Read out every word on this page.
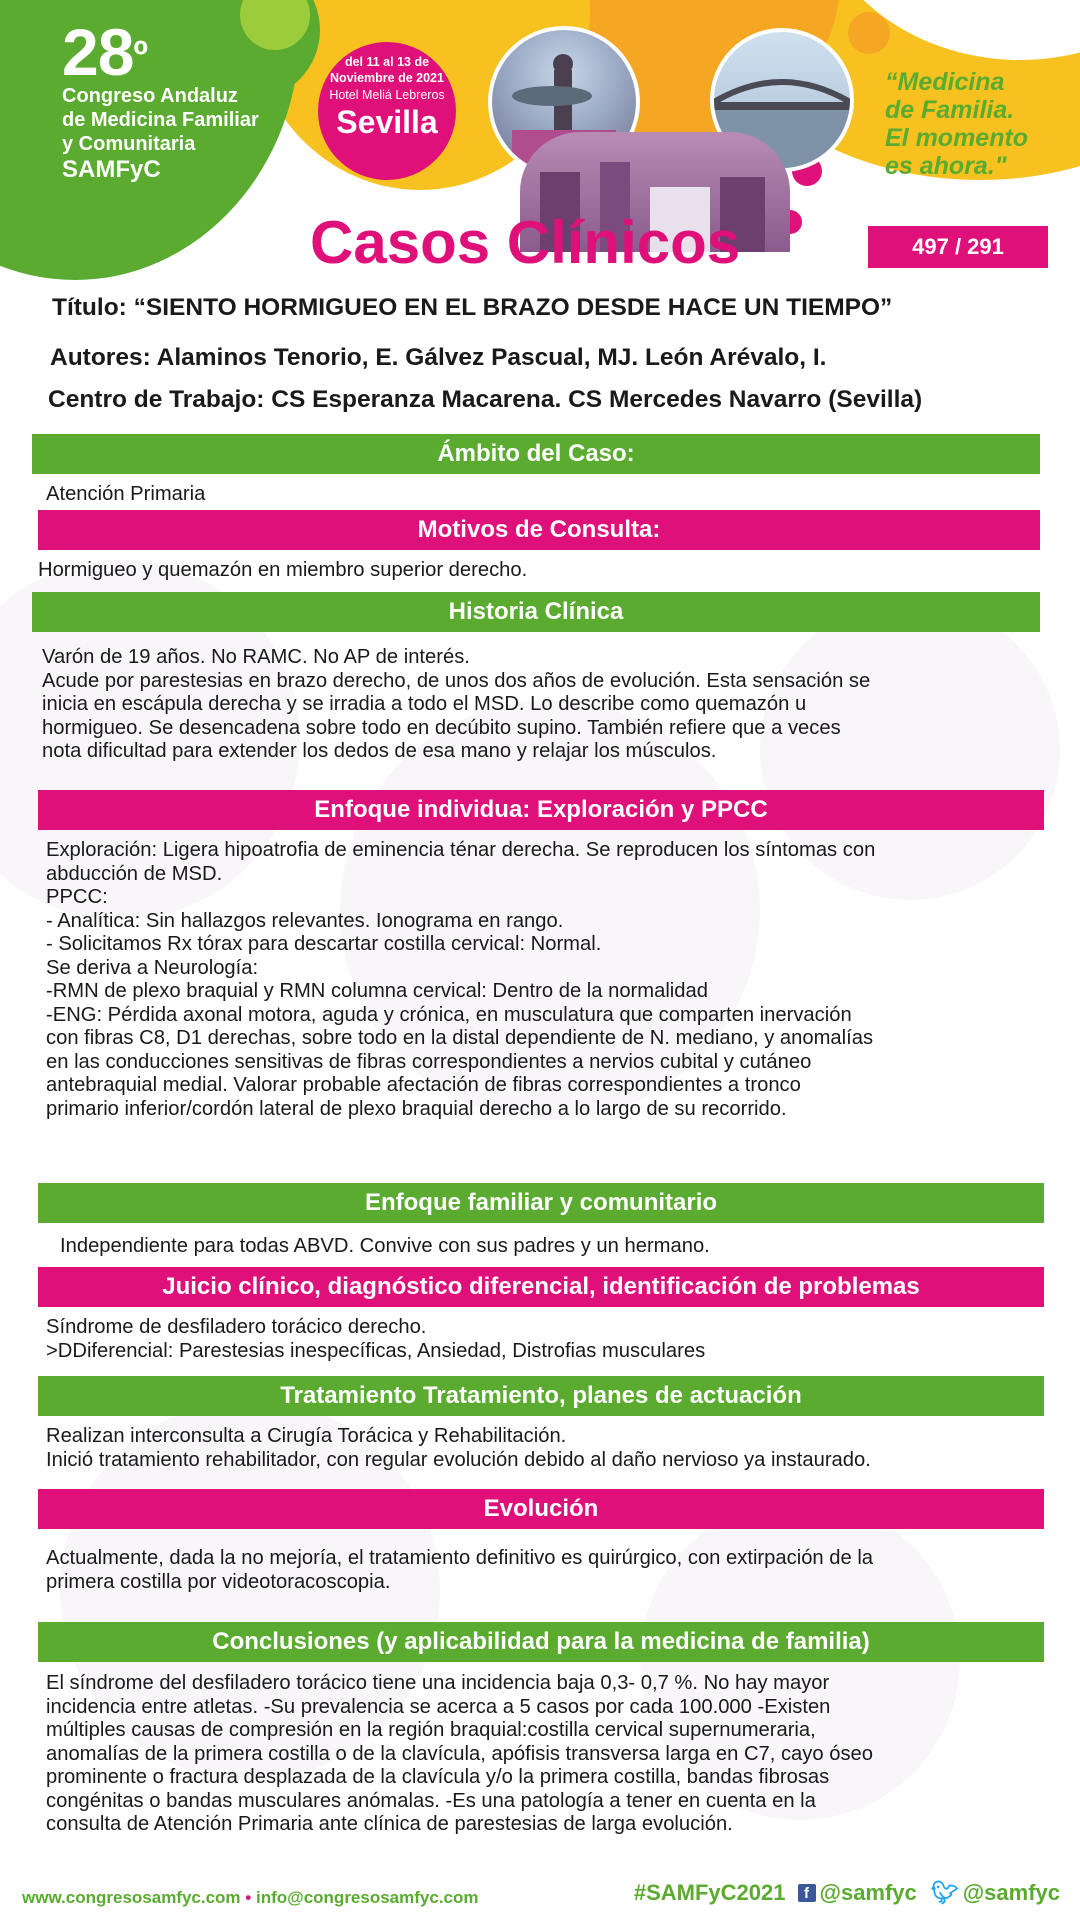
$28^º$
Congreso Andaluz
de Medicina Familiar
y Comunitaria
SAMFyC
del 11 al 13 de
Noviembre de 2021
Hotel Meliá Lebreros
Sevilla
“Medicina
de Familia.
El momento
es ahora."
Casos Clínicos	497 / 291
Título: “SIENTO HORMIGUEO EN EL BRAZO DESDE HACE UN TIEMPO”
Autores: Alaminos Tenorio, E. Gálvez Pascual, MJ. León Arévalo, I.
Centro de Trabajo: CS Esperanza Macarena. CS Mercedes Navarro (Sevilla)
Ámbito del Caso:
Atención Primaria
Motivos de Consulta:
Hormigueo y quemazón en miembro superior derecho.
Historia Clínica
Varón de 19 años. No RAMC. No AP de interés.
Acude por parestesias en brazo derecho, de unos dos años de evolución. Esta sensación se
inicia en escápula derecha y se irradia a todo el MSD. Lo describe como quemazón u
hormigueo. Se desencadena sobre todo en decúbito supino. También refiere que a veces
nota dificultad para extender los dedos de esa mano y relajar los músculos.
Enfoque individua: Exploración y PPCC
Exploración: Ligera hipoatrofia de eminencia ténar derecha. Se reproducen los síntomas con
abducción de MSD.
PPCC:
- Analítica: Sin hallazgos relevantes. Ionograma en rango.
- Solicitamos Rx tórax para descartar costilla cervical: Normal.
Se deriva a Neurología:
-RMN de plexo braquial y RMN columna cervical: Dentro de la normalidad
-ENG: Pérdida axonal motora, aguda y crónica, en musculatura que comparten inervación
con fibras C8, D1 derechas, sobre todo en la distal dependiente de N. mediano, y anomalías
en las conducciones sensitivas de fibras correspondientes a nervios cubital y cutáneo
antebraquial medial. Valorar probable afectación de fibras correspondientes a tronco
primario inferior/cordón lateral de plexo braquial derecho a lo largo de su recorrido.
Enfoque familiar y comunitario
Independiente para todas ABVD. Convive con sus padres y un hermano.
Juicio clínico, diagnóstico diferencial, identificación de problemas
Síndrome de desfiladero torácico derecho.
>DDiferencial: Parestesias inespecíficas, Ansiedad, Distrofias musculares
Tratamiento Tratamiento, planes de actuación
Realizan interconsulta a Cirugía Torácica y Rehabilitación.
Inició tratamiento rehabilitador, con regular evolución debido al daño nervioso ya instaurado.
Evolución
Actualmente, dada la no mejoría, el tratamiento definitivo es quirúrgico, con extirpación de la
primera costilla por videotoracoscopia.
Conclusiones (y aplicabilidad para la medicina de familia)
El síndrome del desfiladero torácico tiene una incidencia baja 0,3- 0,7 %. No hay mayor
incidencia entre atletas. -Su prevalencia se acerca a 5 casos por cada 100.000 -Existen
múltiples causas de compresión en la región braquial:costilla cervical supernumeraria,
anomalías de la primera costilla o de la clavícula, apófisis transversa larga en C7, cayo óseo
prominente o fractura desplazada de la clavícula y/o la primera costilla, bandas fibrosas
congénitas o bandas musculares anómalas. -Es una patología a tener en cuenta en la
consulta de Atención Primaria ante clínica de parestesias de larga evolución.
www.congresosamfyc.com • info@congresosamfyc.com	#SAMFyC2021	f @samfyc 🐦︎ @samfyc
